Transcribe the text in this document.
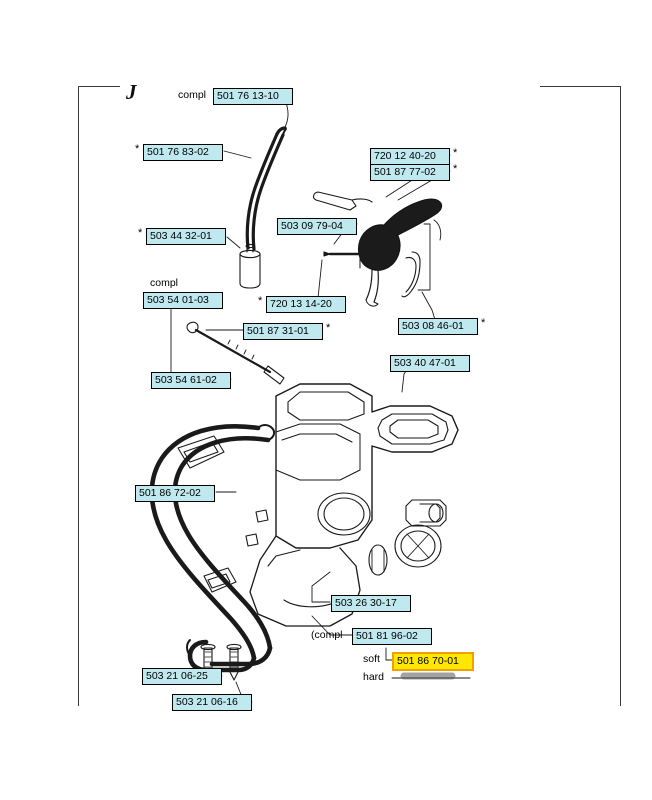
J	501 76 13-10
501 76 83-02	720 12 40-20
501 87 77-02
503 09 79-04
503 44 32-01
503 54 01-03	720 13 14-20
503 08 46-01
501 87 31-01
503 40 47-01
503 54 61-02
501 86 72-02
503 26 30-17
501 81 96-02
501 86 70-01
503 21 06-25
503 21 06-16
compl
compl
(compl
soft
hard
*	*
*
*
*
*	*
